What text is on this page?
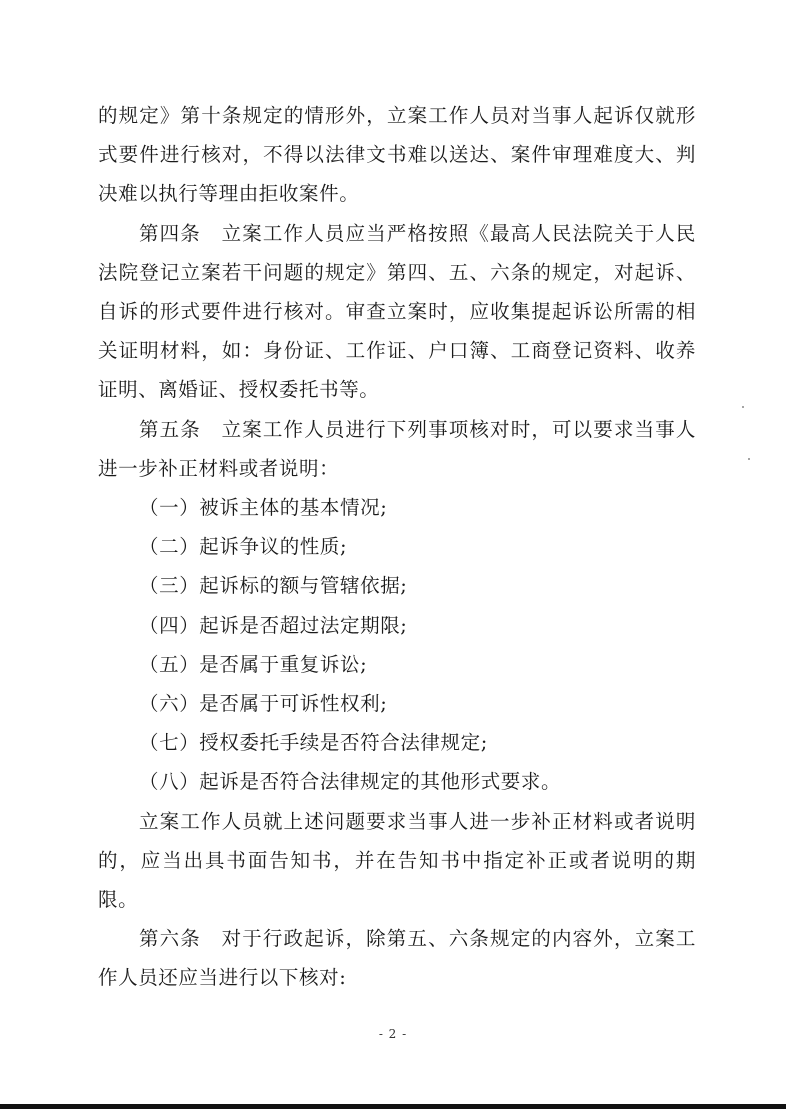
的规定》第十条规定的情形外，立案工作人员对当事人起诉仅就形式要件进行核对，不得以法律文书难以送达、案件审理难度大、判决难以执行等理由拒收案件。

第四条　立案工作人员应当严格按照《最高人民法院关于人民法院登记立案若干问题的规定》第四、五、六条的规定，对起诉、自诉的形式要件进行核对。审查立案时，应收集提起诉讼所需的相关证明材料，如：身份证、工作证、户口簿、工商登记资料、收养证明、离婚证、授权委托书等。

第五条　立案工作人员进行下列事项核对时，可以要求当事人进一步补正材料或者说明：

（一）被诉主体的基本情况;

（二）起诉争议的性质;

（三）起诉标的额与管辖依据;

（四）起诉是否超过法定期限;

（五）是否属于重复诉讼;

（六）是否属于可诉性权利;

（七）授权委托手续是否符合法律规定;

（八）起诉是否符合法律规定的其他形式要求。

立案工作人员就上述问题要求当事人进一步补正材料或者说明的，应当出具书面告知书，并在告知书中指定补正或者说明的期限。

第六条　对于行政起诉，除第五、六条规定的内容外，立案工作人员还应当进行以下核对:

- 2 -
